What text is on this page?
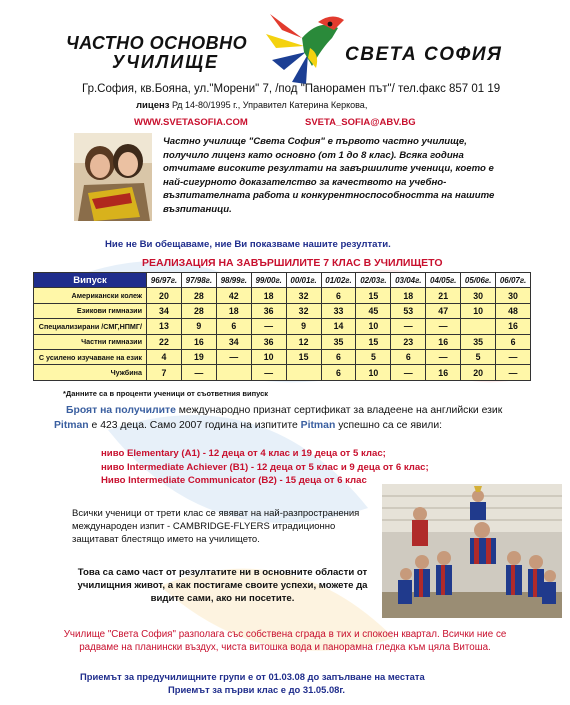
ЧАСТНО ОСНОВНО
УЧИЛИЩЕ	СВЕТА СОФИЯ
Гр.София, кв.Бояна, ул."Морени" 7, /под "Панорамен път"/ тел.факс 857 01 19
лиценз Рд 14-80/1995 г., Управител Катерина Керкова,
WWW.SVETASOFIA.COM	SVETA_SOFIA@ABV.BG
Частно училище "Света София" е първото частно училище, получило лиценз като основно (от 1 до 8 клас). Всяка година отчитаме високите резултати на завършилите ученици, което е най-сигурното доказателство за качеството на учебно-възпитателната работа и конкурентноспособността на нашите възпитаници.
Ние не Ви обещаваме, ние Ви показваме нашите резултати.
РЕАЛИЗАЦИЯ НА ЗАВЪРШИЛИТЕ 7 КЛАС В УЧИЛИЩЕТО
Випуск	96/97г.	97/98г.	98/99г.	99/00г.	00/01г.	01/02г.	02/03г.	03/04г.	04/05г.	05/06г.	06/07г.
Американски колеж	20	28	42	18	32	6	15	18	21	30	30
Езикови гимназии	34	28	18	36	32	33	45	53	47	10	48
Специализирани /СМГ,НПМГ/	13	9	6	—	9	14	10	—	—		16
Частни гимназии	22	16	34	36	12	35	15	23	16	35	6
С усилено изучаване на език	4	19	—	10	15	6	5	6	—	5	—
Чужбина	7	—		—		6	10	—	16	20	—
*Данните са в проценти ученици от съответния випуск
Броят на получилите международно признат сертификат за владеене на английски език Pitman е 423 деца. Само 2007 година на изпитите Pitman успешно са се явили:
ниво Elementary (A1) - 12 деца от 4 клас и 19 деца от 5 клас;
ниво Intermediate Achiever (B1) - 12 деца от 5 клас и 9 деца от 6 клас;
Ниво Intermediate Communicator (B2) - 15 деца от 6 клас
Всички ученици от трети клас се явяват на най-разпространения международен изпит - CAMBRIDGE-FLYERS итрадиционно защитават блестящо името на училището.
Това са само част от резултатите ни в основните области от училищния живот, а как постигаме своите успехи, можете да видите сами, ако ни посетите.
Училище "Света София" разполага със собствена сграда в тих и спокоен квартал. Всички ние се радваме на планински въздух, чиста витошка вода и панорамна гледка към цяла Витоша.
Приемът за предучилищните групи е от 01.03.08 до запълване на местата
Приемът за първи клас е до 31.05.08г.
